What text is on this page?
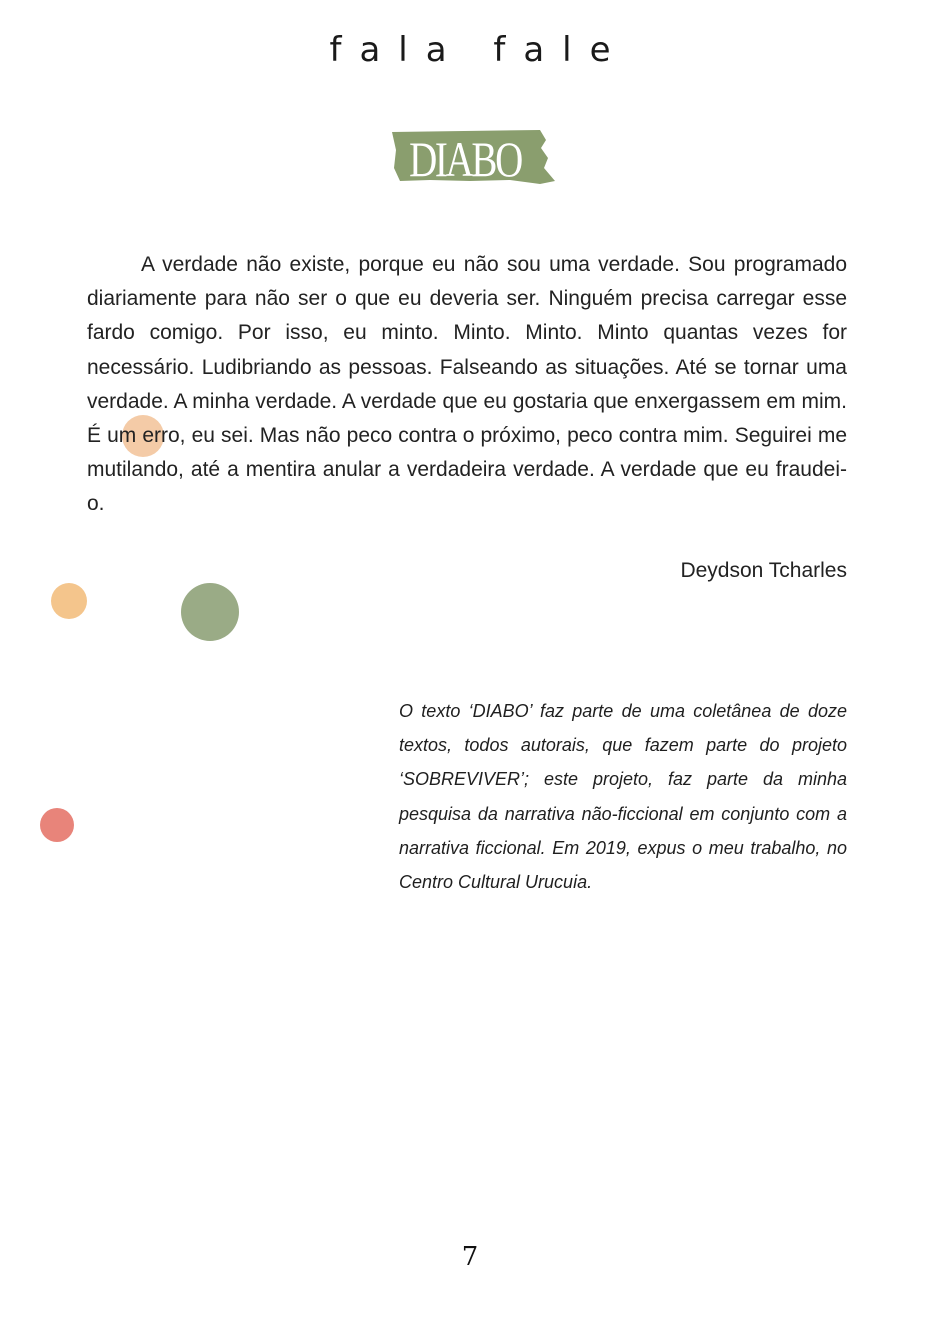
fala fale
DIABO
A verdade não existe, porque eu não sou uma verdade. Sou programado diariamente para não ser o que eu deveria ser. Ninguém precisa carregar esse fardo comigo. Por isso, eu minto. Minto. Minto. Minto quantas vezes for necessário. Ludibriando as pessoas. Falseando as situações. Até se tornar uma verdade. A minha verdade. A verdade que eu gostaria que enxergassem em mim. É um erro, eu sei. Mas não peco contra o próximo, peco contra mim. Seguirei me mutilando, até a mentira anular a verdadeira verdade. A verdade que eu fraudei-o.
Deydson Tcharles
O texto ‘DIABO’ faz parte de uma coletânea de doze textos, todos autorais, que fazem parte do projeto ‘SOBREVIVER’; este projeto, faz parte da minha pesquisa da narrativa não-ficcional em conjunto com a narrativa ficcional. Em 2019, expus o meu trabalho, no Centro Cultural Urucuia.
7
